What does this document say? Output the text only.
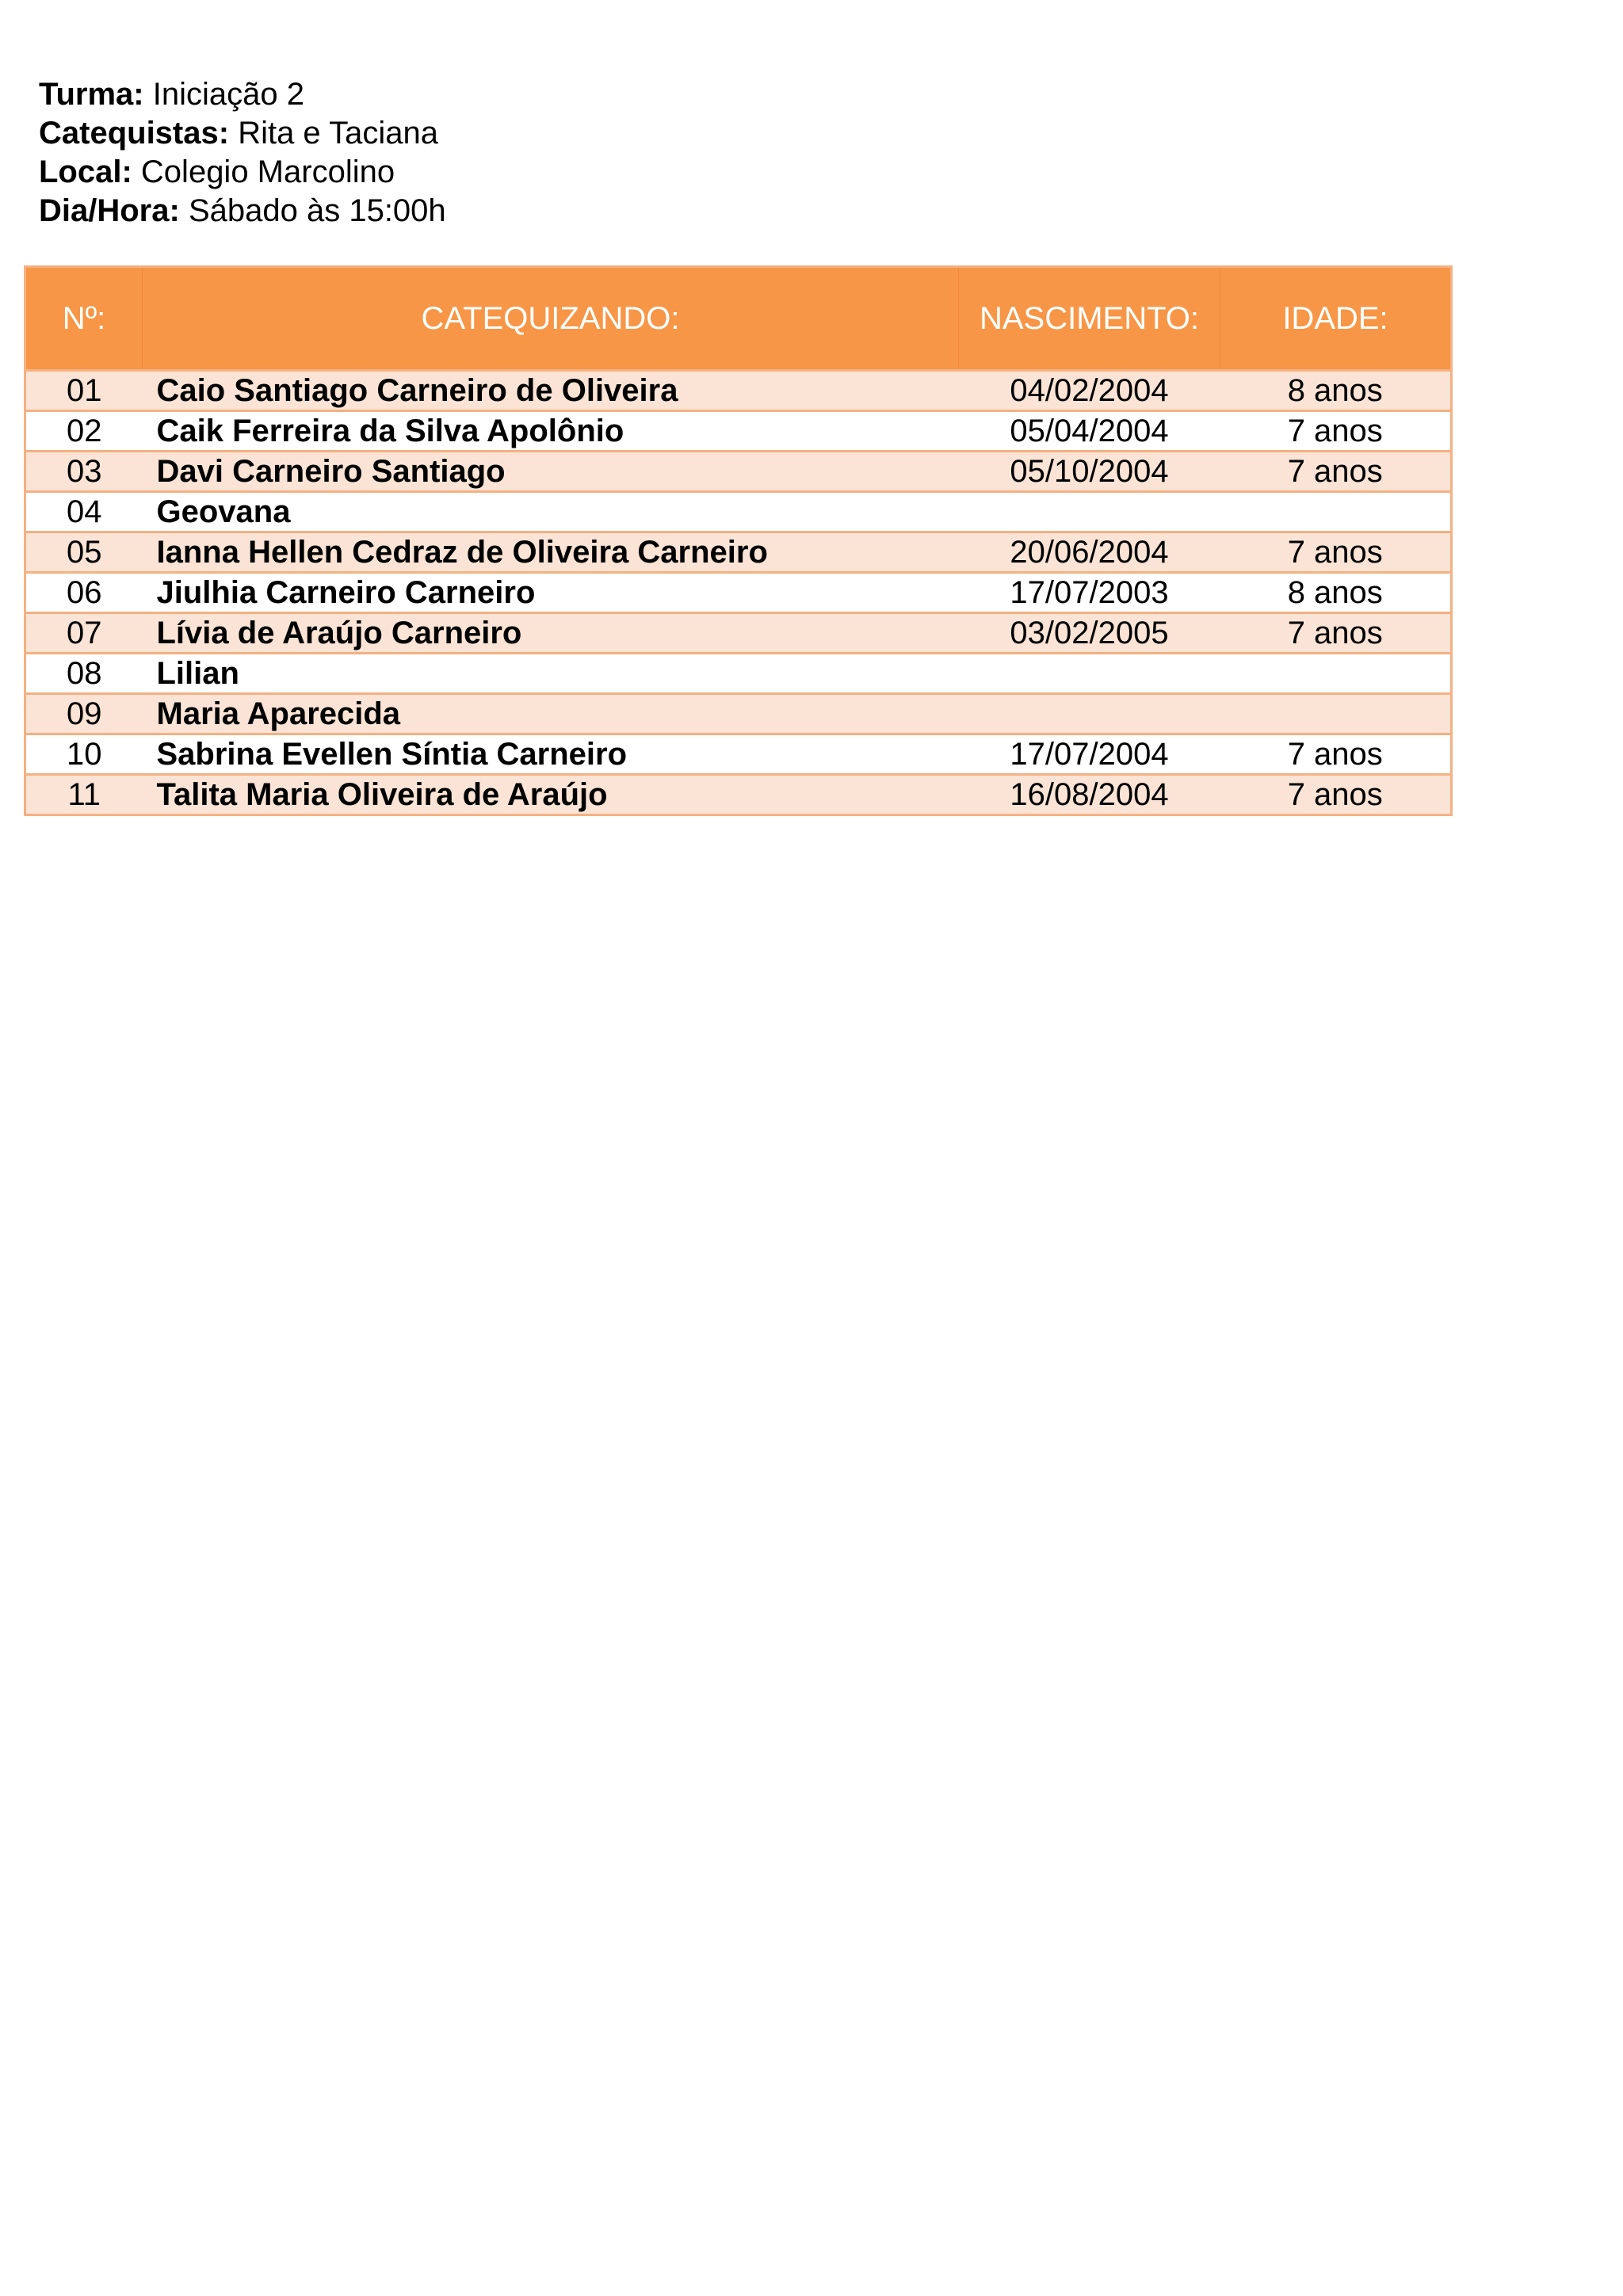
Turma: Iniciação 2
Catequistas: Rita e Taciana
Local: Colegio Marcolino
Dia/Hora: Sábado às 15:00h
Nº:	CATEQUIZANDO:	NASCIMENTO:	IDADE:
01	Caio Santiago Carneiro de Oliveira	04/02/2004	8 anos
02	Caik Ferreira da Silva Apolônio	05/04/2004	7 anos
03	Davi Carneiro Santiago	05/10/2004	7 anos
04	Geovana		
05	Ianna Hellen Cedraz de Oliveira Carneiro	20/06/2004	7 anos
06	Jiulhia Carneiro Carneiro	17/07/2003	8 anos
07	Lívia de Araújo Carneiro	03/02/2005	7 anos
08	Lilian		
09	Maria Aparecida		
10	Sabrina Evellen Síntia Carneiro	17/07/2004	7 anos
11	Talita Maria Oliveira de Araújo	16/08/2004	7 anos
